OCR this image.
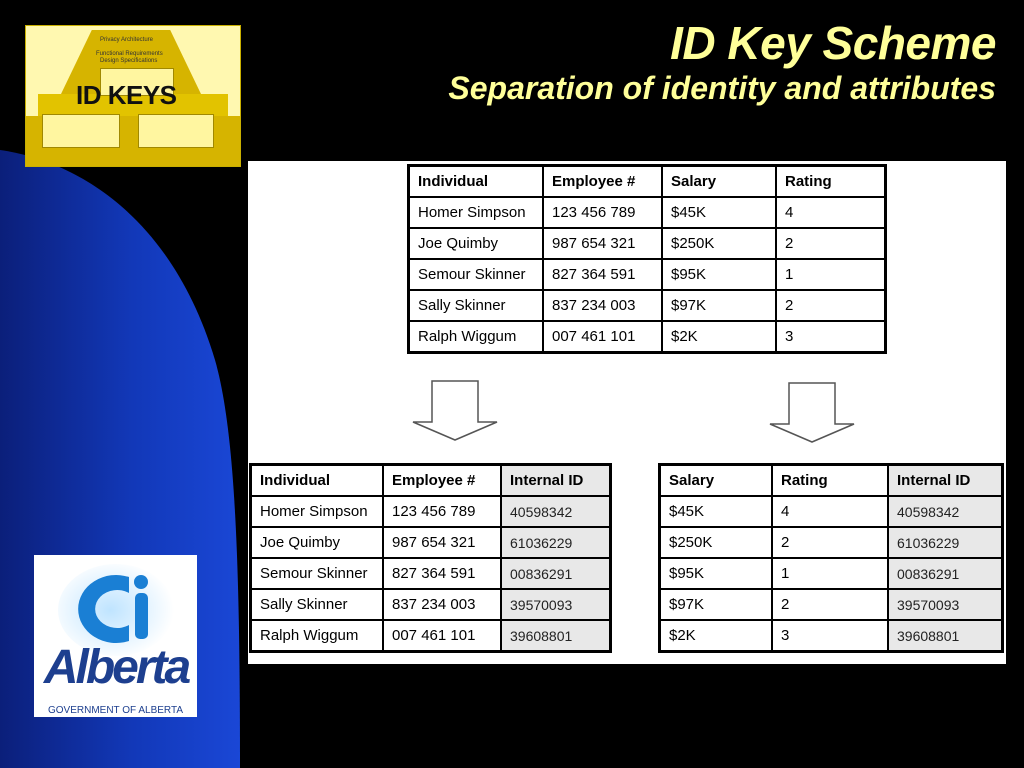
ID Key Scheme
Separation of identity and attributes
Privacy Architecture
Functional Requirements
Design Specifications
ID KEYS
Individual	Employee #	Salary	Rating
Homer Simpson	123 456 789	$45K	4
Joe Quimby	987 654 321	$250K	2
Semour Skinner	827 364 591	$95K	1
Sally Skinner	837 234 003	$97K	2
Ralph Wiggum	007 461 101	$2K	3
Individual	Employee #	Internal ID
Homer Simpson	123 456 789	40598342
Joe Quimby	987 654 321	61036229
Semour Skinner	827 364 591	00836291
Sally Skinner	837 234 003	39570093
Ralph Wiggum	007 461 101	39608801
Salary	Rating	Internal ID
$45K	4	40598342
$250K	2	61036229
$95K	1	00836291
$97K	2	39570093
$2K	3	39608801
Alberta
GOVERNMENT OF ALBERTA
